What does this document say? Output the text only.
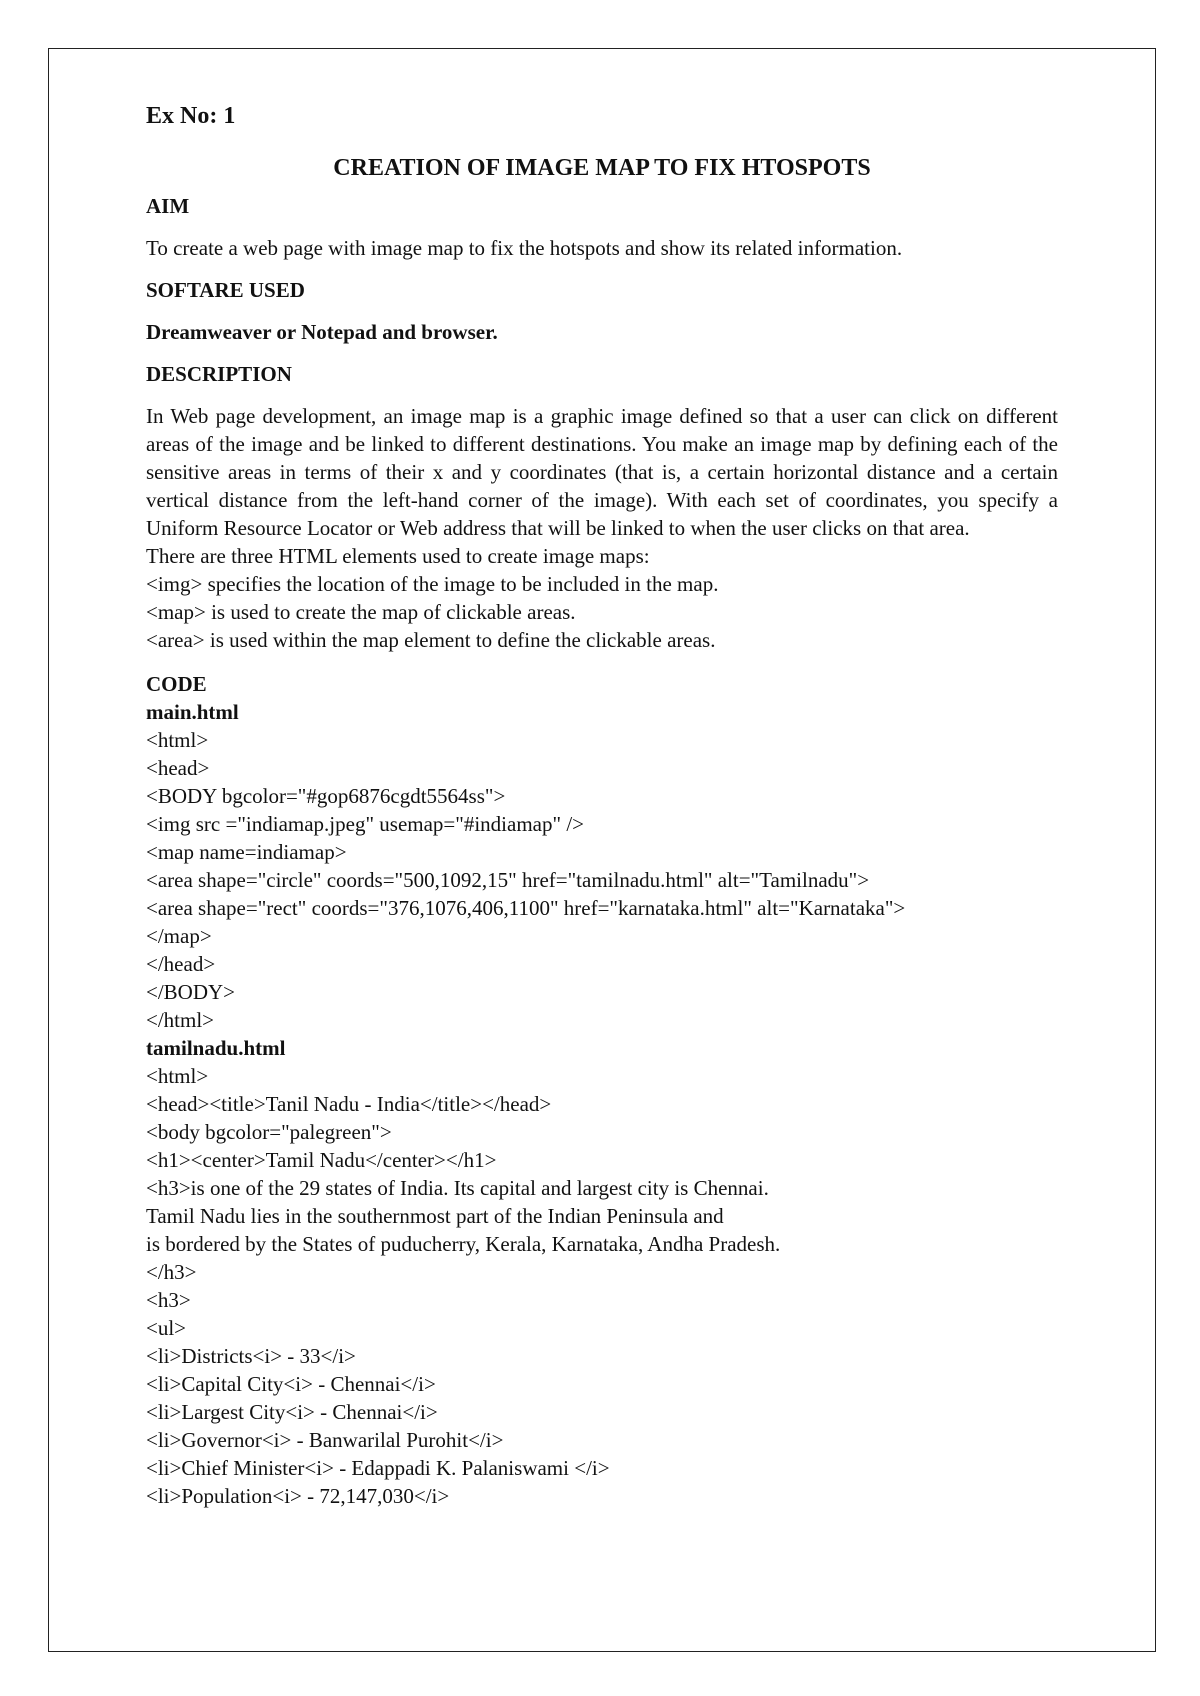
Ex No: 1
CREATION OF IMAGE MAP TO FIX HTOSPOTS
AIM
To create a web page with image map to fix the hotspots and show its related information.
SOFTARE USED
Dreamweaver or Notepad and browser.
DESCRIPTION
In Web page development, an image map is a graphic image defined so that a user can click on different areas of the image and be linked to different destinations. You make an image map by defining each of the sensitive areas in terms of their x and y coordinates (that is, a certain horizontal distance and a certain vertical distance from the left-hand corner of the image). With each set of coordinates, you specify a Uniform Resource Locator or Web address that will be linked to when the user clicks on that area.
There are three HTML elements used to create image maps:
<img> specifies the location of the image to be included in the map.
<map> is used to create the map of clickable areas.
<area> is used within the map element to define the clickable areas.
CODE
main.html
<html>
<head>
<BODY bgcolor="#gop6876cgdt5564ss">
<img src ="indiamap.jpeg" usemap="#indiamap" />
<map name=indiamap>
<area shape="circle" coords="500,1092,15" href="tamilnadu.html" alt="Tamilnadu">
<area shape="rect" coords="376,1076,406,1100" href="karnataka.html" alt="Karnataka">
</map>
</head>
</BODY>
</html>
tamilnadu.html
<html>
<head><title>Tanil Nadu - India</title></head>
<body bgcolor="palegreen">
<h1><center>Tamil Nadu</center></h1>
<h3>is one of the 29 states of India. Its capital and largest city is Chennai.
Tamil Nadu lies in the southernmost part of the Indian Peninsula and
is bordered by the States of puducherry, Kerala, Karnataka, Andha Pradesh.
</h3>
<h3>
<ul>
<li>Districts<i> - 33</i>
<li>Capital City<i> - Chennai</i>
<li>Largest City<i> - Chennai</i>
<li>Governor<i> - Banwarilal Purohit</i>
<li>Chief Minister<i> - Edappadi K. Palaniswami </i>
<li>Population<i> - 72,147,030</i>
